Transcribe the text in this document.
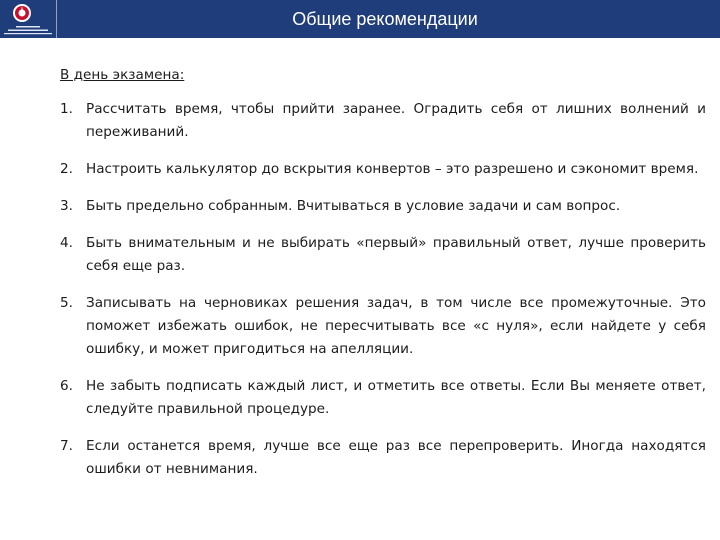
Общие рекомендации

В день экзамена:

1. Рассчитать время, чтобы прийти заранее. Оградить себя от лишних волнений и переживаний.
2. Настроить калькулятор до вскрытия конвертов – это разрешено и сэкономит время.
3. Быть предельно собранным. Вчитываться в условие задачи и сам вопрос.
4. Быть внимательным и не выбирать «первый» правильный ответ, лучше проверить себя еще раз.
5. Записывать на черновиках решения задач, в том числе все промежуточные. Это поможет избежать ошибок, не пересчитывать все «с нуля», если найдете у себя ошибку, и может пригодиться на апелляции.
6. Не забыть подписать каждый лист, и отметить все ответы. Если Вы меняете ответ, следуйте правильной процедуре.
7. Если останется время, лучше все еще раз все перепроверить. Иногда находятся ошибки от невнимания.
